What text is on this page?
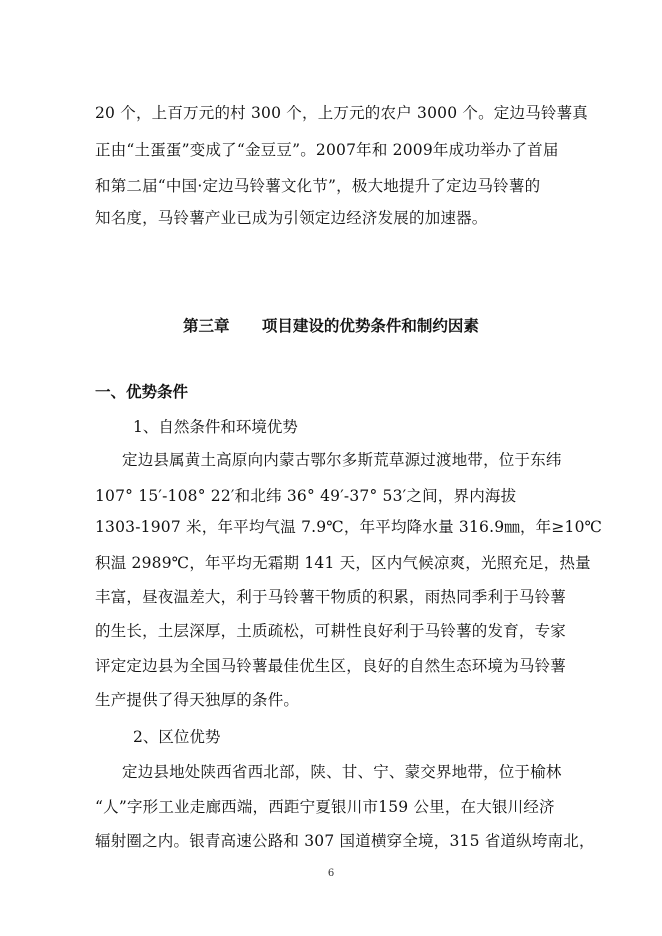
20 个，上百万元的村 300 个，上万元的农户 3000 个。定边马铃薯真
正由“土蛋蛋”变成了“金豆豆”。2007年和 2009年成功举办了首届
和第二届“中国·定边马铃薯文化节”，极大地提升了定边马铃薯的
知名度，马铃薯产业已成为引领定边经济发展的加速器。
第三章      项目建设的优势条件和制约因素
一、优势条件
1、自然条件和环境优势
定边县属黄土高原向内蒙古鄂尔多斯荒草源过渡地带，位于东纬
107° 15′-108° 22′和北纬 36° 49′-37° 53′之间，界内海拔
1303-1907 米，年平均气温 7.9℃，年平均降水量 316.9㎜，年≥10℃
积温 2989℃，年平均无霜期 141 天，区内气候凉爽，光照充足，热量
丰富，昼夜温差大，利于马铃薯干物质的积累，雨热同季利于马铃薯
的生长，土层深厚，土质疏松，可耕性良好利于马铃薯的发育，专家
评定定边县为全国马铃薯最佳优生区，良好的自然生态环境为马铃薯
生产提供了得天独厚的条件。
2、区位优势
定边县地处陕西省西北部，陕、甘、宁、蒙交界地带，位于榆林
“人”字形工业走廊西端，西距宁夏银川市159 公里，在大银川经济
辐射圈之内。银青高速公路和 307 国道横穿全境，315 省道纵垮南北，
6
